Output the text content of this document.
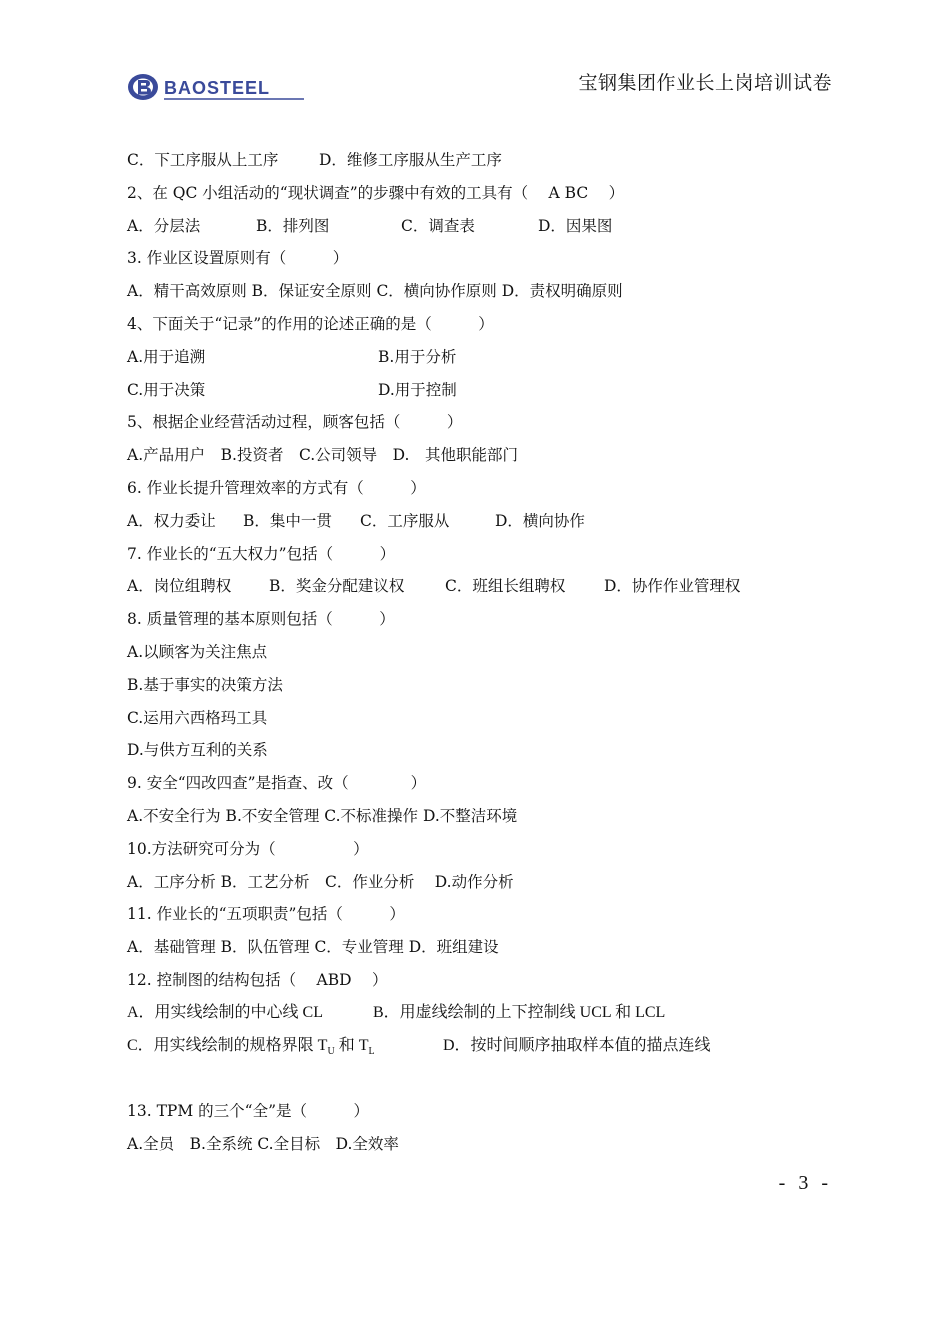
BAOSTEEL	宝钢集团作业长上岗培训试卷
C．下工序服从上工序	D．维修工序服从生产工序
2、在 QC 小组活动的“现状调查”的步骤中有效的工具有（　 A BC　 ）
A．分层法	B．排列图	C．调查表	D．因果图
3. 作业区设置原则有（　　　）
A．精干高效原则 B．保证安全原则 C．横向协作原则 D．责权明确原则
4、下面关于“记录”的作用的论述正确的是（　　　）
A.用于追溯	B.用于分析
C.用于决策	D.用于控制
5、根据企业经营活动过程，顾客包括（　　　）
A.产品用户　B.投资者　C.公司领导　D.　其他职能部门
6. 作业长提升管理效率的方式有（　　　）
A．权力委让 B．集中一贯 C．工序服从	D．横向协作
7. 作业长的“五大权力”包括（　　　）
A．岗位组聘权 B．奖金分配建议权	C．班组长组聘权 D．协作作业管理权
8. 质量管理的基本原则包括（　　　）
A.以顾客为关注焦点
B.基于事实的决策方法
C.运用六西格玛工具
D.与供方互利的关系
9. 安全“四改四查”是指查、改（　　　　）
A.不安全行为 B.不安全管理 C.不标准操作 D.不整洁环境
10.方法研究可分为（　　　　　）
A．工序分析 B．工艺分析　C．作业分析　 D.动作分析
11. 作业长的“五项职责”包括（　　　）
A．基础管理 B．队伍管理 C．专业管理 D．班组建设
12. 控制图的结构包括（　 ABD　 ）
A．用实线绘制的中心线 CL	B．用虚线绘制的上下控制线 UCL 和 LCL
C．用实线绘制的规格界限 $T_U$ 和 $T_L$	D．按时间顺序抽取样本值的描点连线
13. TPM 的三个“全”是（　　　）
A.全员　B.全系统 C.全目标　D.全效率
- 3 -
